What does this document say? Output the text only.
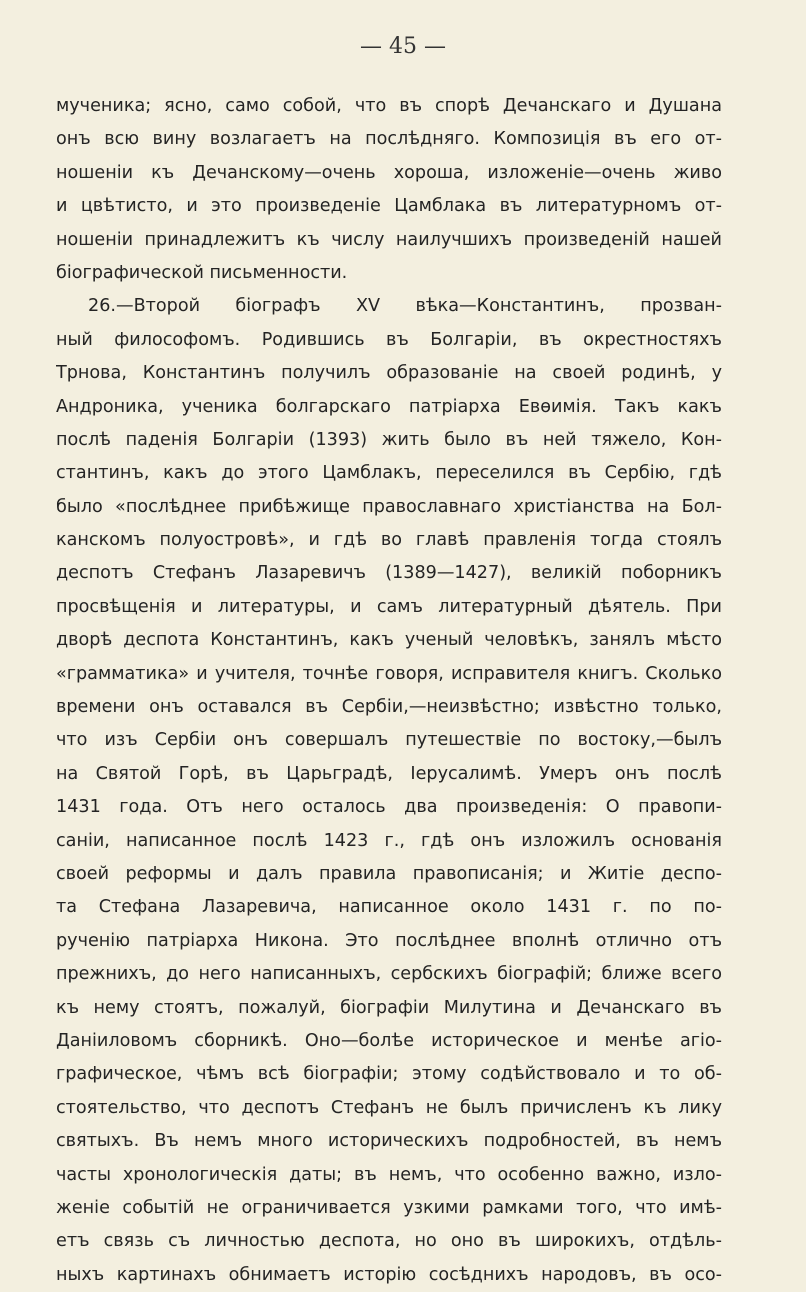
— 45 —
мученика; ясно, само собой, что въ спорѣ Дечанскаго и Душана
онъ всю вину возлагаетъ на послѣдняго. Композиція въ его от-
ношеніи къ Дечанскому—очень хороша, изложеніе—очень живо
и цвѣтисто, и это произведеніе Цамблака въ литературномъ от-
ношеніи принадлежитъ къ числу наилучшихъ произведеній нашей
біографической письменности.
26.—Второй біографъ XV вѣка—Константинъ, прозван-
ный философомъ. Родившись въ Болгаріи, въ окрестностяхъ
Трнова, Константинъ получилъ образованіе на своей родинѣ, у
Андроника, ученика болгарскаго патріарха Евѳимія. Такъ какъ
послѣ паденія Болгаріи (1393) жить было въ ней тяжело, Кон-
стантинъ, какъ до этого Цамблакъ, переселился въ Сербію, гдѣ
было «послѣднее прибѣжище православнаго христіанства на Бол-
канскомъ полуостровѣ», и гдѣ во главѣ правленія тогда стоялъ
деспотъ Стефанъ Лазаревичъ (1389—1427), великій поборникъ
просвѣщенія и литературы, и самъ литературный дѣятель. При
дворѣ деспота Константинъ, какъ ученый человѣкъ, занялъ мѣсто
«грамматика» и учителя, точнѣе говоря, исправителя книгъ. Сколько
времени онъ оставался въ Сербіи,—неизвѣстно; извѣстно только,
что изъ Сербіи онъ совершалъ путешествіе по востоку,—былъ
на Святой Горѣ, въ Царьградѣ, Іерусалимѣ. Умеръ онъ послѣ
1431 года. Отъ него осталось два произведенія: О правопи-
саніи, написанное послѣ 1423 г., гдѣ онъ изложилъ основанія
своей реформы и далъ правила правописанія; и Житіе деспо-
та Стефана Лазаревича, написанное около 1431 г. по по-
рученію патріарха Никона. Это послѣднее вполнѣ отлично отъ
прежнихъ, до него написанныхъ, сербскихъ біографій; ближе всего
къ нему стоятъ, пожалуй, біографіи Милутина и Дечанскаго въ
Даніиловомъ сборникѣ. Оно—болѣе историческое и менѣе агіо-
графическое, чѣмъ всѣ біографіи; этому содѣйствовало и то об-
стоятельство, что деспотъ Стефанъ не былъ причисленъ къ лику
святыхъ. Въ немъ много историческихъ подробностей, въ немъ
часты хронологическія даты; въ немъ, что особенно важно, изло-
женіе событій не ограничивается узкими рамками того, что имѣ-
етъ связь съ личностью деспота, но оно въ широкихъ, отдѣль-
ныхъ картинахъ обнимаетъ исторію сосѣднихъ народовъ, въ осо-
